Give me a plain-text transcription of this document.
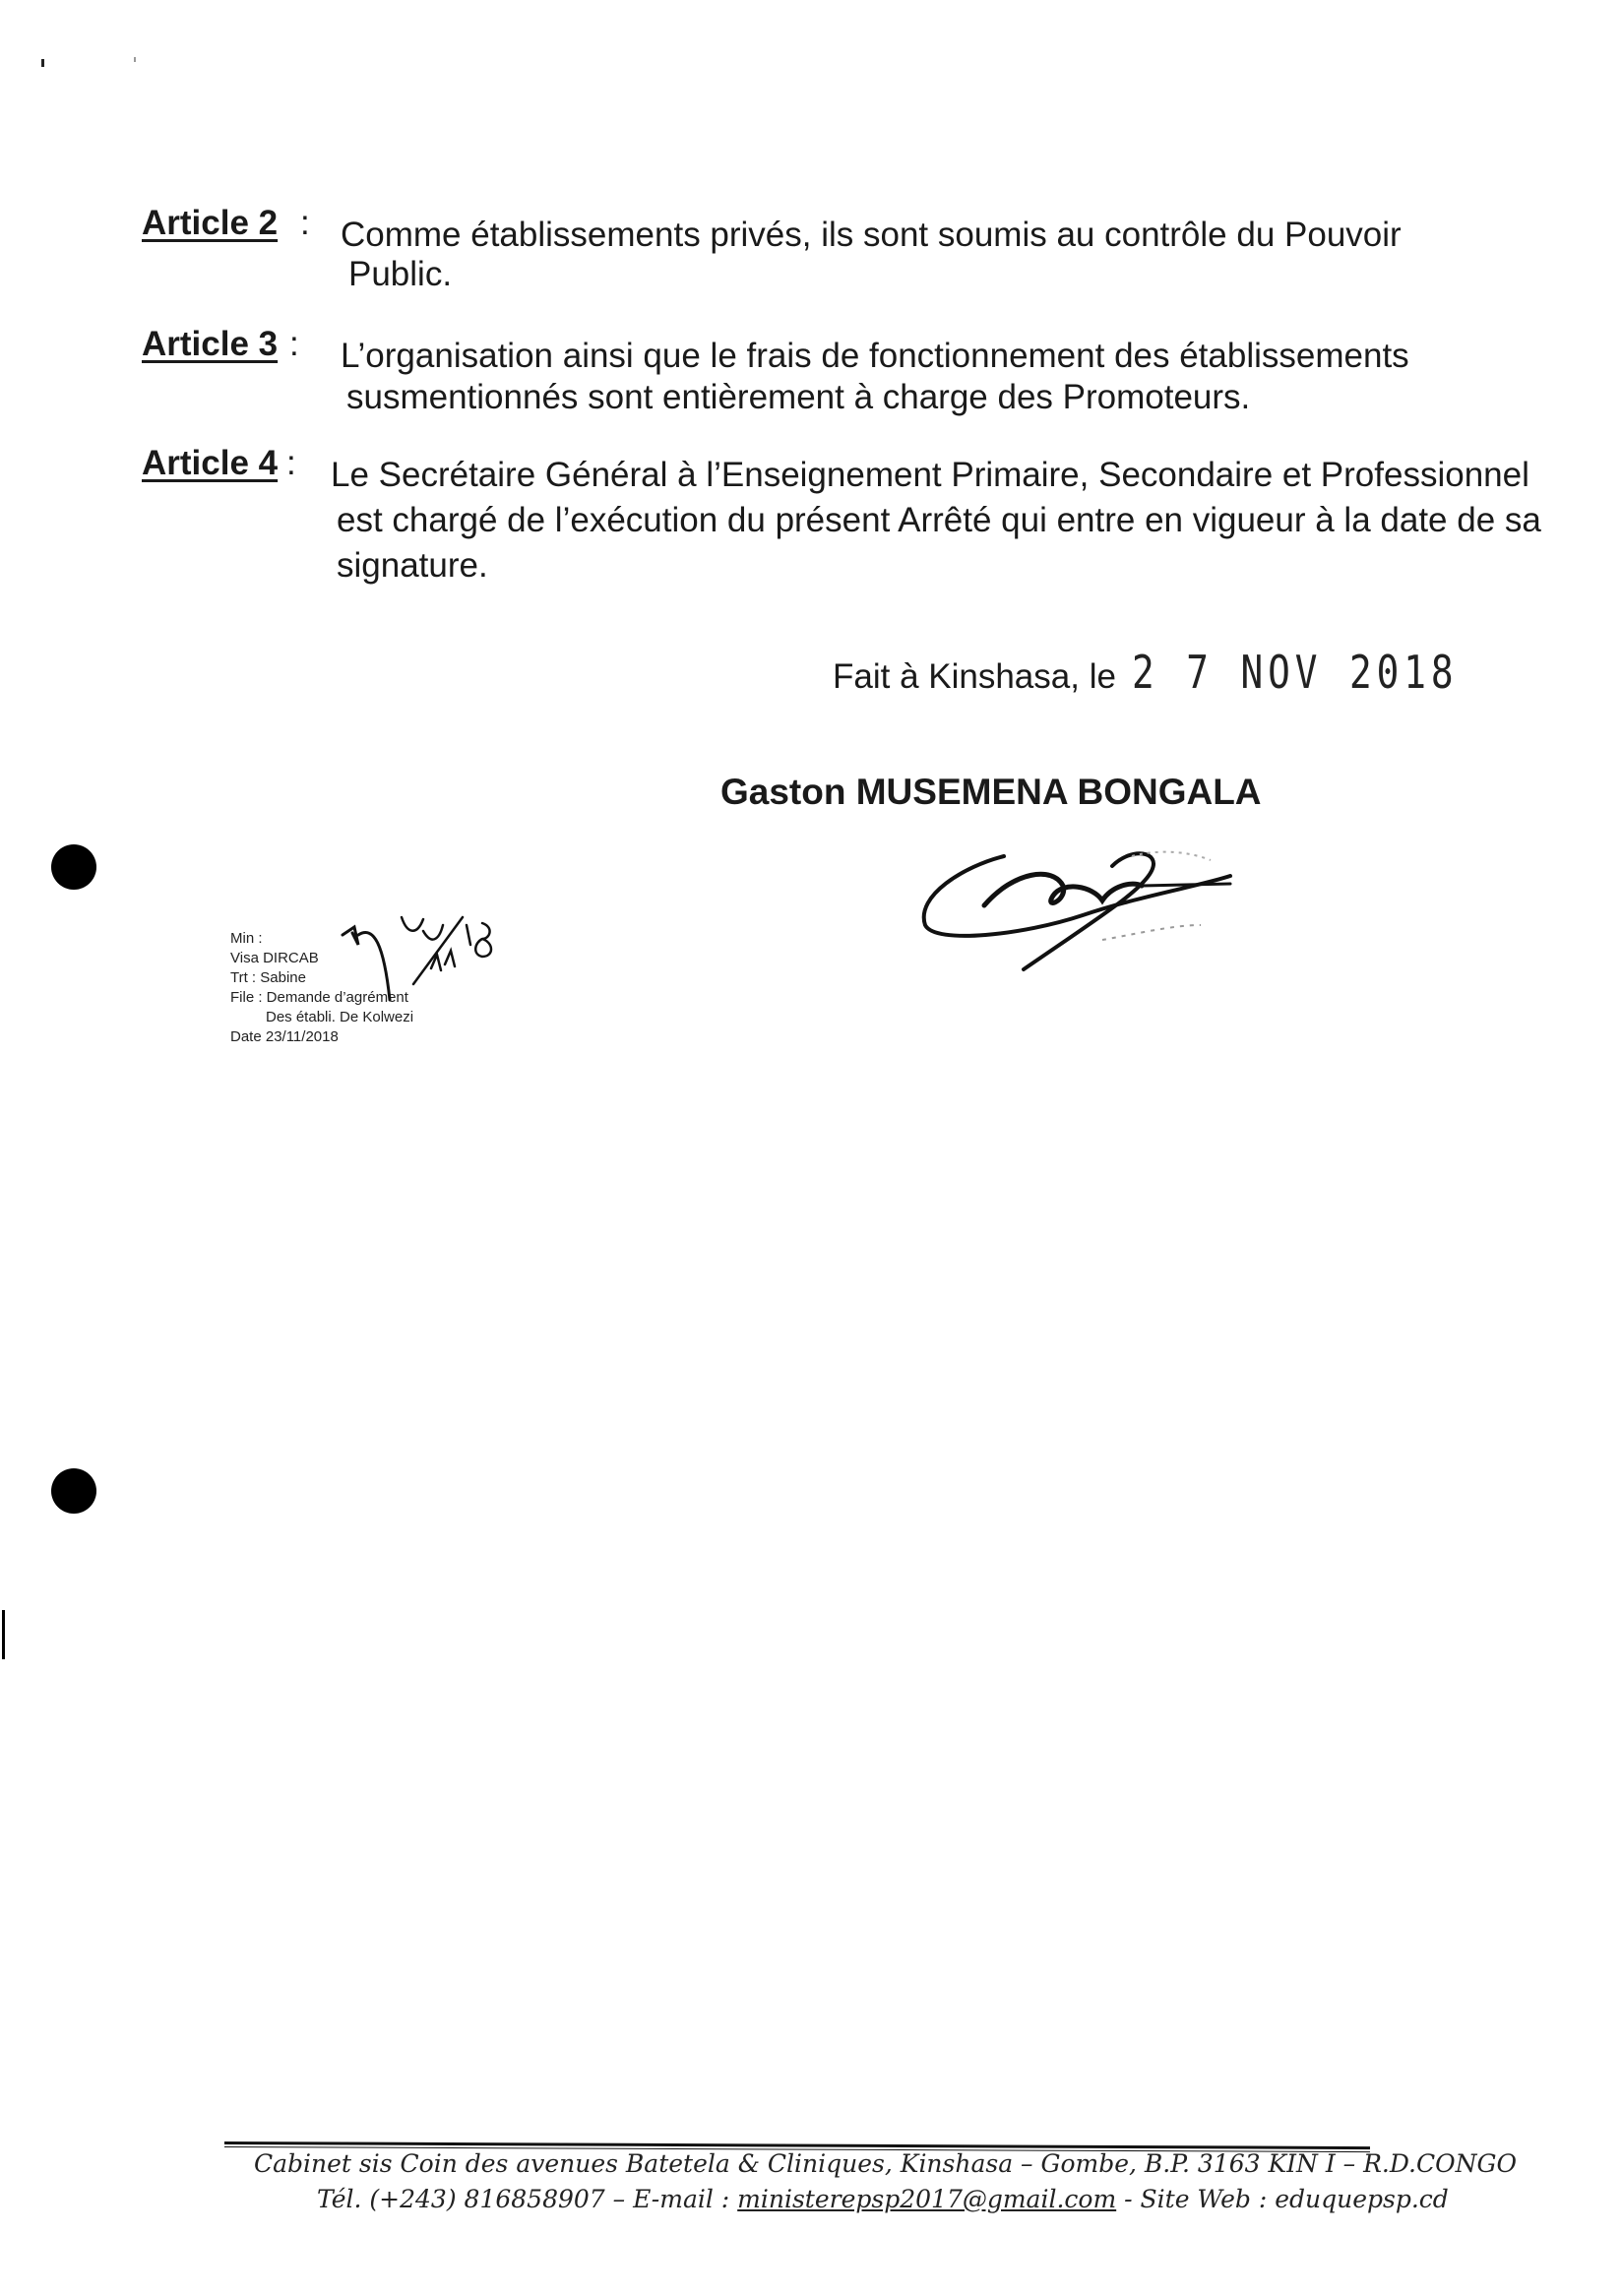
Article 2 : Comme établissements privés, ils sont soumis au contrôle du Pouvoir
Public.
Article 3 : L’organisation ainsi que le frais de fonctionnement des établissements
susmentionnés sont entièrement à charge des Promoteurs.
Article 4 : Le Secrétaire Général à l’Enseignement Primaire, Secondaire et Professionnel
est chargé de l’exécution du présent Arrêté qui entre en vigueur à la date de sa
signature.
Fait à Kinshasa, le 2 7 NOV 2018
Gaston MUSEMENA BONGALA
Min :
Visa DIRCAB
Trt : Sabine
File : Demande d’agrément
Des établi. De Kolwezi
Date 23/11/2018
Cabinet sis Coin des avenues Batetela & Cliniques, Kinshasa – Gombe, B.P. 3163 KIN I – R.D.CONGO
Tél. (+243) 816858907 – E-mail : ministerepsp2017@gmail.com - Site Web : eduquepsp.cd
